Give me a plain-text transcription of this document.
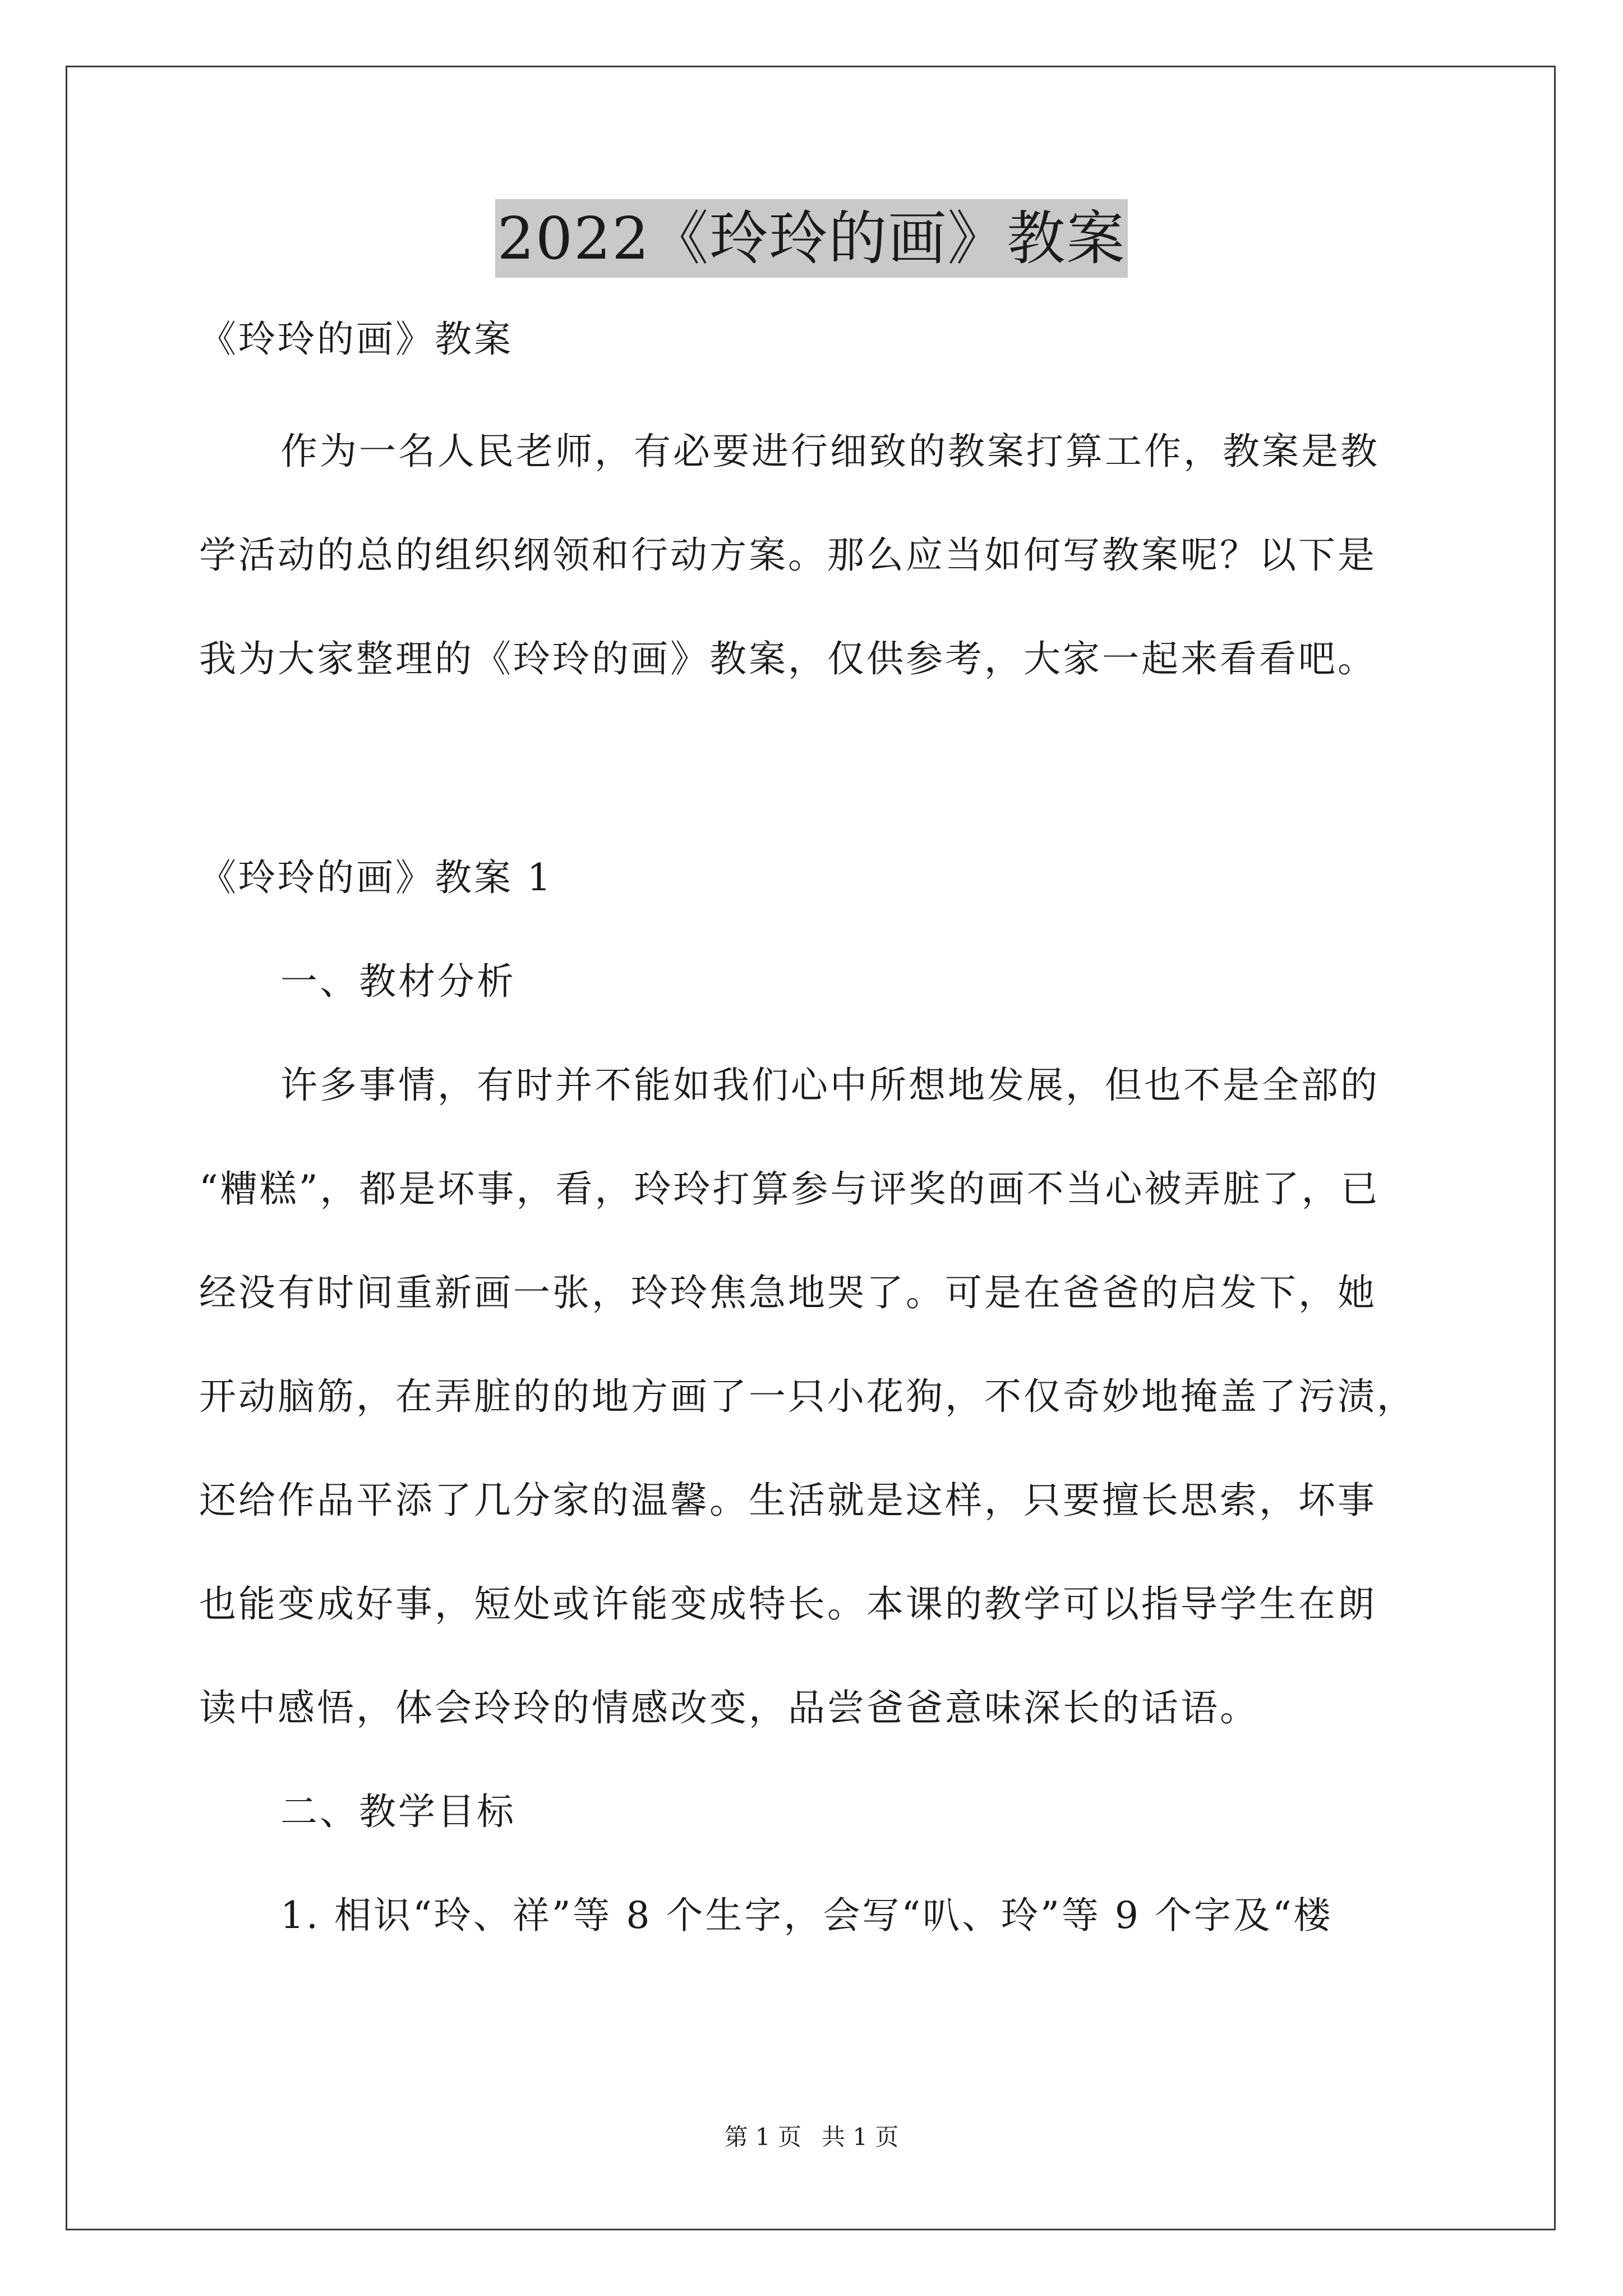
2022《玲玲的画》教案
《玲玲的画》教案
作为一名人民老师，有必要进行细致的教案打算工作，教案是教
学活动的总的组织纲领和行动方案。那么应当如何写教案呢？以下是
我为大家整理的《玲玲的画》教案，仅供参考，大家一起来看看吧。
《玲玲的画》教案 1
一、教材分析
许多事情，有时并不能如我们心中所想地发展，但也不是全部的
“糟糕”，都是坏事，看，玲玲打算参与评奖的画不当心被弄脏了，已
经没有时间重新画一张，玲玲焦急地哭了。可是在爸爸的启发下，她
开动脑筋，在弄脏的的地方画了一只小花狗，不仅奇妙地掩盖了污渍，
还给作品平添了几分家的温馨。生活就是这样，只要擅长思索，坏事
也能变成好事，短处或许能变成特长。本课的教学可以指导学生在朗
读中感悟，体会玲玲的情感改变，品尝爸爸意味深长的话语。
二、教学目标
1. 相识“玲、祥”等 8 个生字，会写“叭、玲”等 9 个字及“楼
第 1 页 共 1 页
